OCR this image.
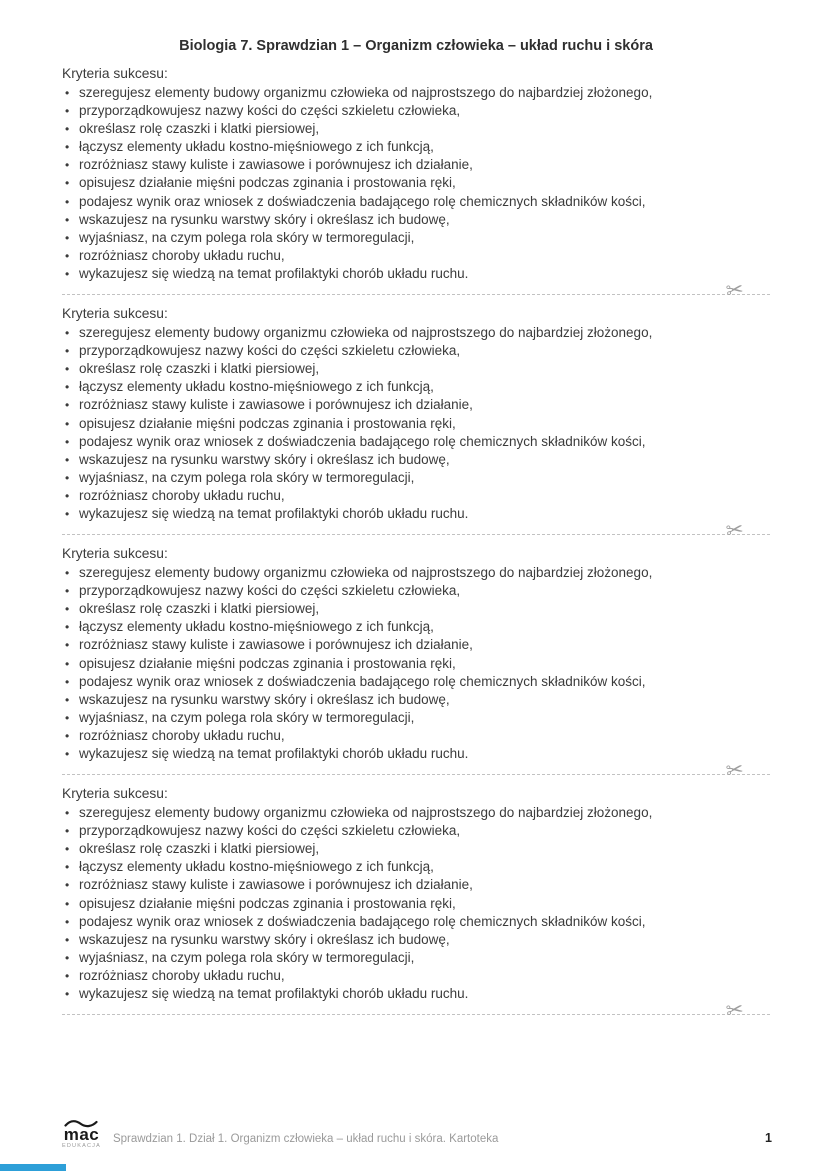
Biologia 7. Sprawdzian 1 – Organizm człowieka – układ ruchu i skóra
Kryteria sukcesu:
• szeregujesz elementy budowy organizmu człowieka od najprostszego do najbardziej złożonego,
• przyporządkowujesz nazwy kości do części szkieletu człowieka,
• określasz rolę czaszki i klatki piersiowej,
• łączysz elementy układu kostno-mięśniowego z ich funkcją,
• rozróżniasz stawy kuliste i zawiasowe i porównujesz ich działanie,
• opisujesz działanie mięśni podczas zginania i prostowania ręki,
• podajesz wynik oraz wniosek z doświadczenia badającego rolę chemicznych składników kości,
• wskazujesz na rysunku warstwy skóry i określasz ich budowę,
• wyjaśniasz, na czym polega rola skóry w termoregulacji,
• rozróżniasz choroby układu ruchu,
• wykazujesz się wiedzą na temat profilaktyki chorób układu ruchu.
✂
Kryteria sukcesu:
• szeregujesz elementy budowy organizmu człowieka od najprostszego do najbardziej złożonego,
• przyporządkowujesz nazwy kości do części szkieletu człowieka,
• określasz rolę czaszki i klatki piersiowej,
• łączysz elementy układu kostno-mięśniowego z ich funkcją,
• rozróżniasz stawy kuliste i zawiasowe i porównujesz ich działanie,
• opisujesz działanie mięśni podczas zginania i prostowania ręki,
• podajesz wynik oraz wniosek z doświadczenia badającego rolę chemicznych składników kości,
• wskazujesz na rysunku warstwy skóry i określasz ich budowę,
• wyjaśniasz, na czym polega rola skóry w termoregulacji,
• rozróżniasz choroby układu ruchu,
• wykazujesz się wiedzą na temat profilaktyki chorób układu ruchu.
✂
Kryteria sukcesu:
• szeregujesz elementy budowy organizmu człowieka od najprostszego do najbardziej złożonego,
• przyporządkowujesz nazwy kości do części szkieletu człowieka,
• określasz rolę czaszki i klatki piersiowej,
• łączysz elementy układu kostno-mięśniowego z ich funkcją,
• rozróżniasz stawy kuliste i zawiasowe i porównujesz ich działanie,
• opisujesz działanie mięśni podczas zginania i prostowania ręki,
• podajesz wynik oraz wniosek z doświadczenia badającego rolę chemicznych składników kości,
• wskazujesz na rysunku warstwy skóry i określasz ich budowę,
• wyjaśniasz, na czym polega rola skóry w termoregulacji,
• rozróżniasz choroby układu ruchu,
• wykazujesz się wiedzą na temat profilaktyki chorób układu ruchu.
✂
Kryteria sukcesu:
• szeregujesz elementy budowy organizmu człowieka od najprostszego do najbardziej złożonego,
• przyporządkowujesz nazwy kości do części szkieletu człowieka,
• określasz rolę czaszki i klatki piersiowej,
• łączysz elementy układu kostno-mięśniowego z ich funkcją,
• rozróżniasz stawy kuliste i zawiasowe i porównujesz ich działanie,
• opisujesz działanie mięśni podczas zginania i prostowania ręki,
• podajesz wynik oraz wniosek z doświadczenia badającego rolę chemicznych składników kości,
• wskazujesz na rysunku warstwy skóry i określasz ich budowę,
• wyjaśniasz, na czym polega rola skóry w termoregulacji,
• rozróżniasz choroby układu ruchu,
• wykazujesz się wiedzą na temat profilaktyki chorób układu ruchu.
✂
mac
EDUKACJA
Sprawdzian 1. Dział 1. Organizm człowieka – układ ruchu i skóra. Kartoteka	1
